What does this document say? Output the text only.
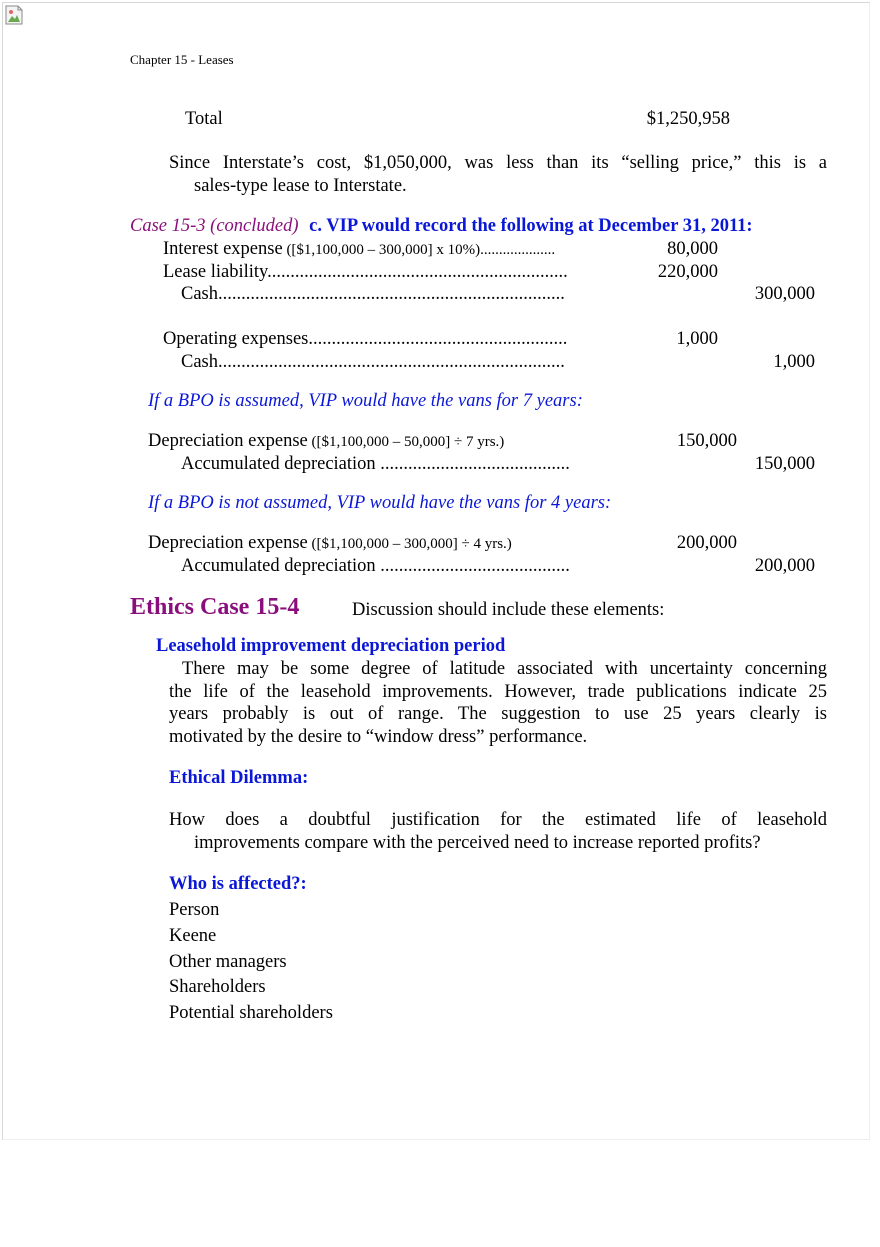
Chapter 15 - Leases
Total	$1,250,958
Since Interstate’s cost, $1,050,000, was less than its “selling price,” this is a
sales-type lease to Interstate.
Case 15-3 (concluded) c. VIP would record the following at December 31, 2011:
Interest expense ([$1,100,000 – 300,000] x 10%)....................	80,000
Lease liability.................................................................	220,000
Cash...........................................................................	300,000
Operating expenses........................................................	1,000
Cash...........................................................................	1,000
If a BPO is assumed, VIP would have the vans for 7 years:
Depreciation expense ([$1,100,000 – 50,000] ÷ 7 yrs.)	150,000
Accumulated depreciation .........................................	150,000
If a BPO is not assumed, VIP would have the vans for 4 years:
Depreciation expense ([$1,100,000 – 300,000] ÷ 4 yrs.)	200,000
Accumulated depreciation .........................................	200,000
Ethics Case 15-4	Discussion should include these elements:
Leasehold improvement depreciation period
There may be some degree of latitude associated with uncertainty concerning
the life of the leasehold improvements. However, trade publications indicate 25
years probably is out of range. The suggestion to use 25 years clearly is
motivated by the desire to “window dress” performance.
Ethical Dilemma:
How does a doubtful justification for the estimated life of leasehold
improvements compare with the perceived need to increase reported profits?
Who is affected?:
Person
Keene
Other managers
Shareholders
Potential shareholders
